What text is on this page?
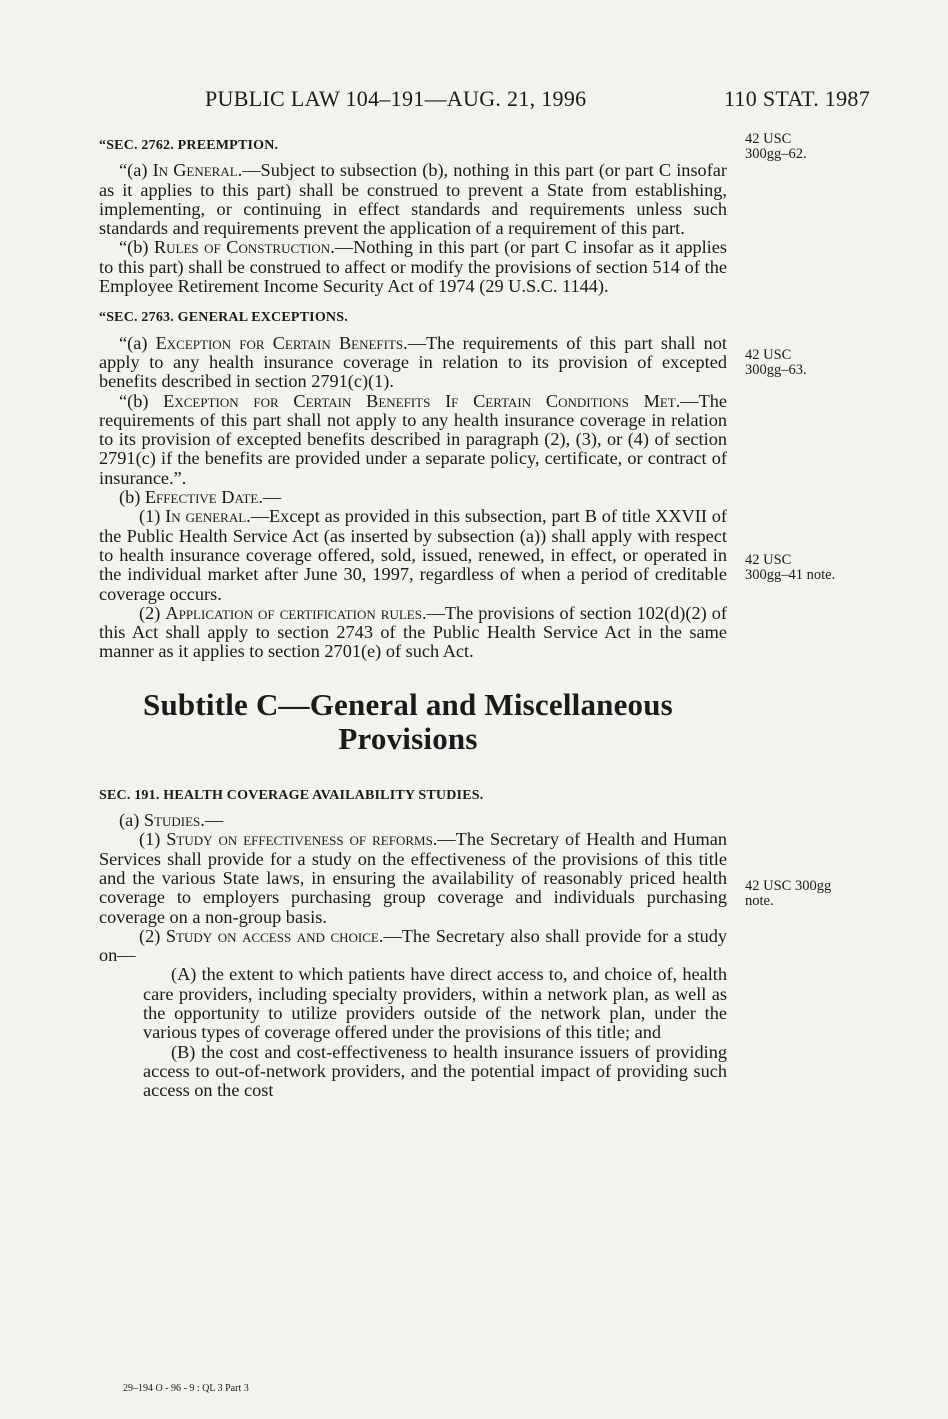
PUBLIC LAW 104–191—AUG. 21, 1996	110 STAT. 1987
42 USC
300gg–62.
42 USC
300gg–63.
42 USC
300gg–41 note.
42 USC 300gg
note.

“SEC. 2762. PREEMPTION.

“(a) In General.—Subject to subsection (b), nothing in this part (or part C insofar as it applies to this part) shall be construed to prevent a State from establishing, implementing, or continuing in effect standards and requirements unless such standards and requirements prevent the application of a requirement of this part.

“(b) Rules of Construction.—Nothing in this part (or part C insofar as it applies to this part) shall be construed to affect or modify the provisions of section 514 of the Employee Retirement Income Security Act of 1974 (29 U.S.C. 1144).

“SEC. 2763. GENERAL EXCEPTIONS.

“(a) Exception for Certain Benefits.—The requirements of this part shall not apply to any health insurance coverage in relation to its provision of excepted benefits described in section 2791(c)(1).

“(b) Exception for Certain Benefits If Certain Conditions Met.—The requirements of this part shall not apply to any health insurance coverage in relation to its provision of excepted benefits described in paragraph (2), (3), or (4) of section 2791(c) if the benefits are provided under a separate policy, certificate, or contract of insurance.”.

(b) Effective Date.—

(1) In general.—Except as provided in this subsection, part B of title XXVII of the Public Health Service Act (as inserted by subsection (a)) shall apply with respect to health insurance coverage offered, sold, issued, renewed, in effect, or operated in the individual market after June 30, 1997, regardless of when a period of creditable coverage occurs.

(2) Application of certification rules.—The provisions of section 102(d)(2) of this Act shall apply to section 2743 of the Public Health Service Act in the same manner as it applies to section 2701(e) of such Act.

Subtitle C—General and Miscellaneous
Provisions

SEC. 191. HEALTH COVERAGE AVAILABILITY STUDIES.

(a) Studies.—

(1) Study on effectiveness of reforms.—The Secretary of Health and Human Services shall provide for a study on the effectiveness of the provisions of this title and the various State laws, in ensuring the availability of reasonably priced health coverage to employers purchasing group coverage and individuals purchasing coverage on a non-group basis.

(2) Study on access and choice.—The Secretary also shall provide for a study on—

(A) the extent to which patients have direct access to, and choice of, health care providers, including specialty providers, within a network plan, as well as the opportunity to utilize providers outside of the network plan, under the various types of coverage offered under the provisions of this title; and

(B) the cost and cost-effectiveness to health insurance issuers of providing access to out-of-network providers, and the potential impact of providing such access on the cost

29–194 O - 96 - 9 : QL 3 Part 3
